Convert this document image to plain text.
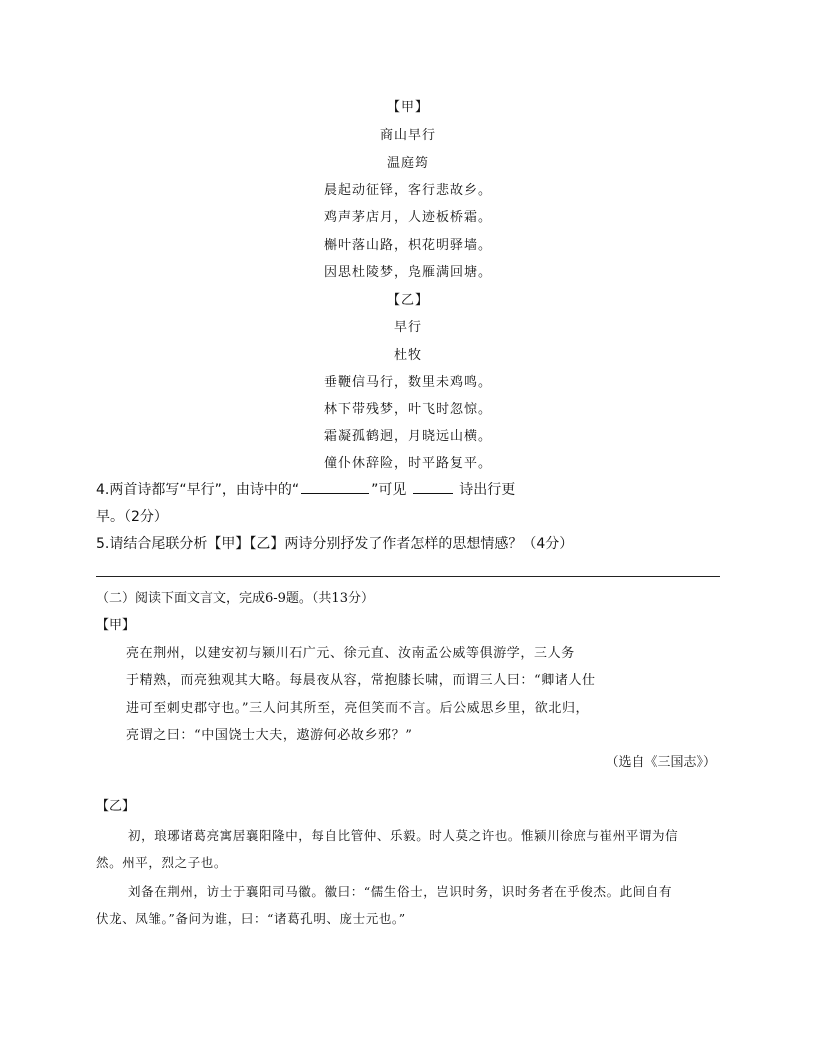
【甲】
商山早行
温庭筠
晨起动征铎，客行悲故乡。
鸡声茅店月，人迹板桥霜。
槲叶落山路，枳花明驿墙。
因思杜陵梦，凫雁满回塘。
【乙】
早行
杜牧
垂鞭信马行，数里未鸡鸣。
林下带残梦，叶飞时忽惊。
霜凝孤鹤迥，月晓远山横。
僮仆休辞险，时平路复平。
4.两首诗都写“早行”，由诗中的“	”可见	诗出行更
早。（2分）
5.请结合尾联分析【甲】【乙】两诗分别抒发了作者怎样的思想情感？（4分）
（二）阅读下面文言文，完成6-9题。（共13分）
【甲】
亮在荆州，以建安初与颍川石广元、徐元直、汝南孟公威等俱游学，三人务
于精熟，而亮独观其大略。每晨夜从容，常抱膝长啸，而谓三人曰：“卿诸人仕
进可至刺史郡守也。”三人问其所至，亮但笑而不言。后公威思乡里，欲北归，
亮谓之曰：“中国饶士大夫，遨游何必故乡邪？”
（选自《三国志》）
【乙】
初，琅琊诸葛亮寓居襄阳隆中，每自比管仲、乐毅。时人莫之许也。惟颍川徐庶与崔州平谓为信
然。州平，烈之子也。
刘备在荆州，访士于襄阳司马徽。徽曰：“儒生俗士，岂识时务，识时务者在乎俊杰。此间自有
伏龙、凤雏。”备问为谁，曰：“诸葛孔明、庞士元也。”
